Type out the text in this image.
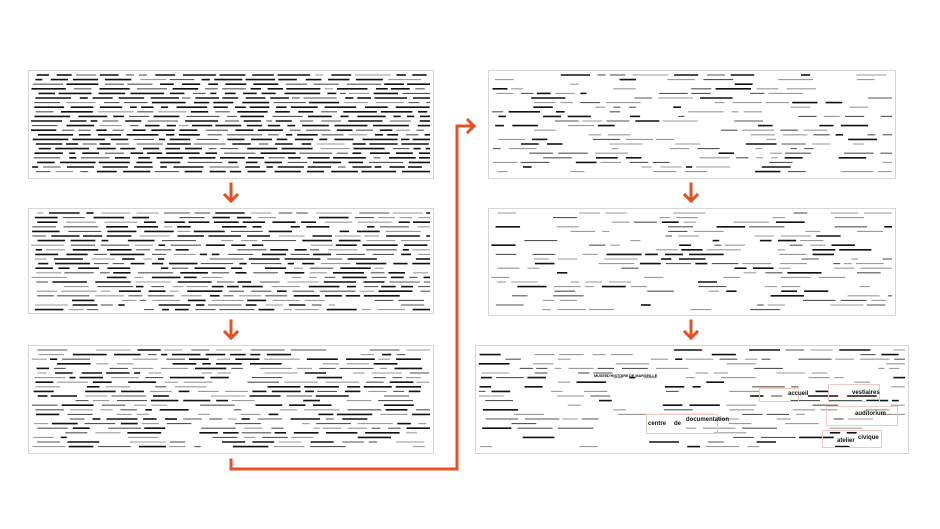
MUSÉE D'HISTOIRE DE MARSEILLE
accueil	vestiaires
auditorium
centre de
documentation
atelier civique
